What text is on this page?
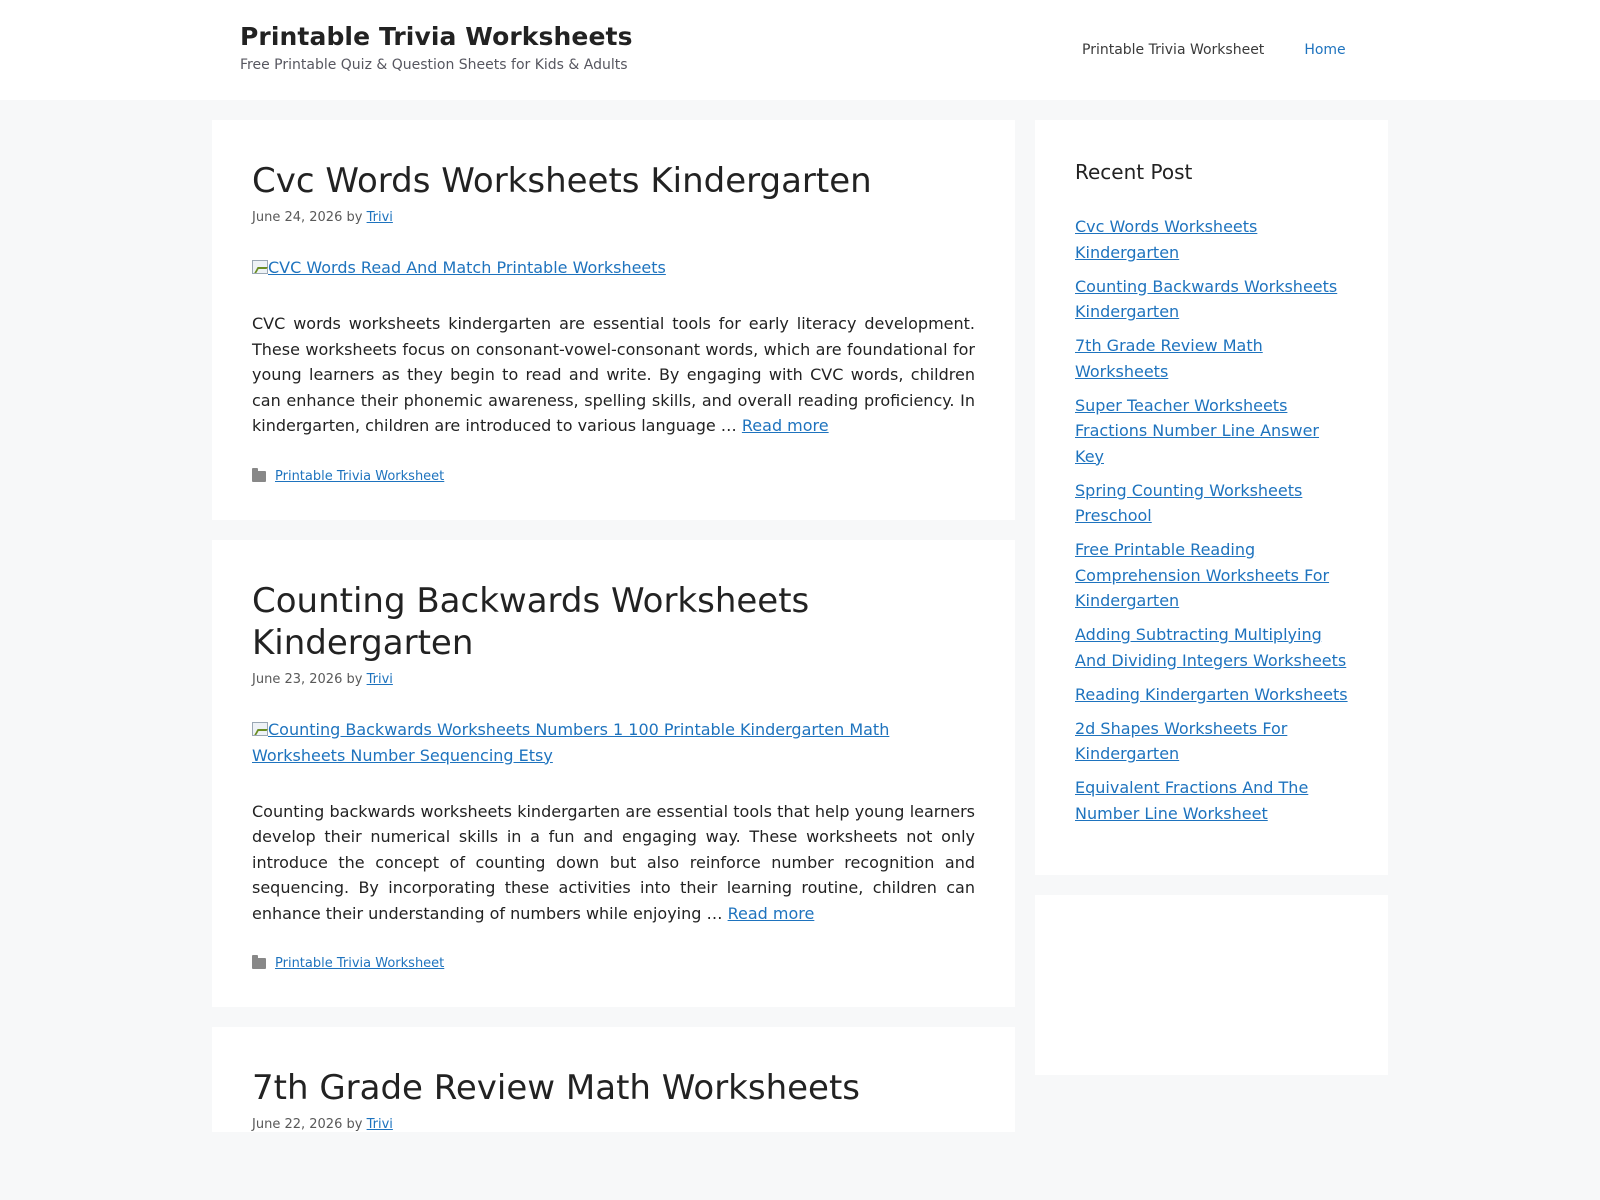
Printable Trivia Worksheets
Free Printable Quiz & Question Sheets for Kids & Adults
Printable Trivia Worksheet	Home
Cvc Words Worksheets Kindergarten
June 24, 2026 by Trivi
CVC Words Read And Match Printable Worksheets

CVC words worksheets kindergarten are essential tools for early literacy development. These worksheets focus on consonant-vowel-consonant words, which are foundational for young learners as they begin to read and write. By engaging with CVC words, children can enhance their phonemic awareness, spelling skills, and overall reading proficiency. In kindergarten, children are introduced to various language … Read more

Printable Trivia Worksheet
Counting Backwards Worksheets Kindergarten
June 23, 2026 by Trivi
Counting Backwards Worksheets Numbers 1 100 Printable Kindergarten Math Worksheets Number Sequencing Etsy

Counting backwards worksheets kindergarten are essential tools that help young learners develop their numerical skills in a fun and engaging way. These worksheets not only introduce the concept of counting down but also reinforce number recognition and sequencing. By incorporating these activities into their learning routine, children can enhance their understanding of numbers while enjoying … Read more

Printable Trivia Worksheet
7th Grade Review Math Worksheets
June 22, 2026 by Trivi
Recent Post
Cvc Words Worksheets Kindergarten
Counting Backwards Worksheets Kindergarten
7th Grade Review Math Worksheets
Super Teacher Worksheets Fractions Number Line Answer Key
Spring Counting Worksheets Preschool
Free Printable Reading Comprehension Worksheets For Kindergarten
Adding Subtracting Multiplying And Dividing Integers Worksheets
Reading Kindergarten Worksheets
2d Shapes Worksheets For Kindergarten
Equivalent Fractions And The Number Line Worksheet
